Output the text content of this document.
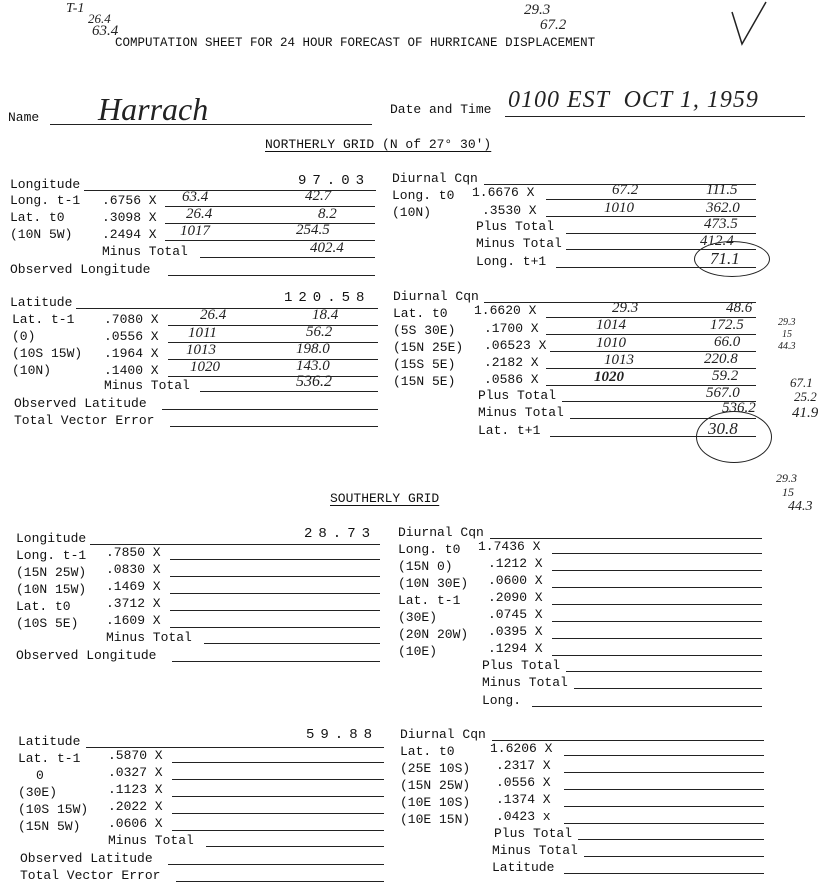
T-1
26.4
63.4
29.3
67.2
COMPUTATION SHEET FOR 24 HOUR FORECAST OF HURRICANE DISPLACEMENT
Name Harrach	Date and Time 0100 EST  OCT 1, 1959
NORTHERLY GRID (N of 27° 30')
Longitude	97.03
Long. t-1 .6756 X 63.4	42.7
Lat. t0	.3098 X 26.4	8.2
(10N 5W) .2494 X 1017	254.5
Minus Total	402.4
Observed Longitude
Latitude	120.58
Lat. t-1 .7080 X	26.4	18.4
(0)	.0556 X 1011	56.2
(10S 15W) .1964 X 1013	198.0
(10N)	.1400 X 1020	143.0
Minus Total	536.2
Observed Latitude
Total Vector Error
Diurnal Cqn
Long. t0 1.6676 X	67.2	111.5
(10N)	.3530 X	1010	362.0
Plus Total	473.5
Minus Total	412.4
Long. t+1	71.1
Diurnal Cqn
Lat. t0 1.6620 X	29.3	48.6
(5S 30E) .1700 X	1014	172.5
(15N 25E) .06523 X	1010	66.0
(15S 5E) .2182 X	1013	220.8
(15N 5E) .0586 X	1020	59.2
Plus Total	567.0
Minus Total	536.2
Lat. t+1	30.8
29.3
15
44.3
67.1
25.2
41.9
29.3
15
44.3
SOUTHERLY GRID
Longitude	28.73
Long. t-1 .7850 X
(15N 25W) .0830 X
(10N 15W) .1469 X
Lat. t0	.3712 X
(10S 5E) .1609 X
Minus Total
Observed Longitude
Diurnal Cqn
Long. t0 1.7436 X
(15N 0)	.1212 X
(10N 30E) .0600 X
Lat. t-1 .2090 X
(30E)	.0745 X
(20N 20W) .0395 X
(10E)	.1294 X
Plus Total
Minus Total
Long.
Latitude	59.88
Lat. t-1 .5870 X
0	.0327 X
(30E)	.1123 X
(10S 15W) .2022 X
(15N 5W) .0606 X
Minus Total
Observed Latitude
Total Vector Error
Diurnal Cqn
Lat. t0	1.6206 X
(25E 10S) .2317 X
(15N 25W) .0556 X
(10E 10S) .1374 X
(10E 15N) .0423 x
Plus Total
Minus Total
Latitude
